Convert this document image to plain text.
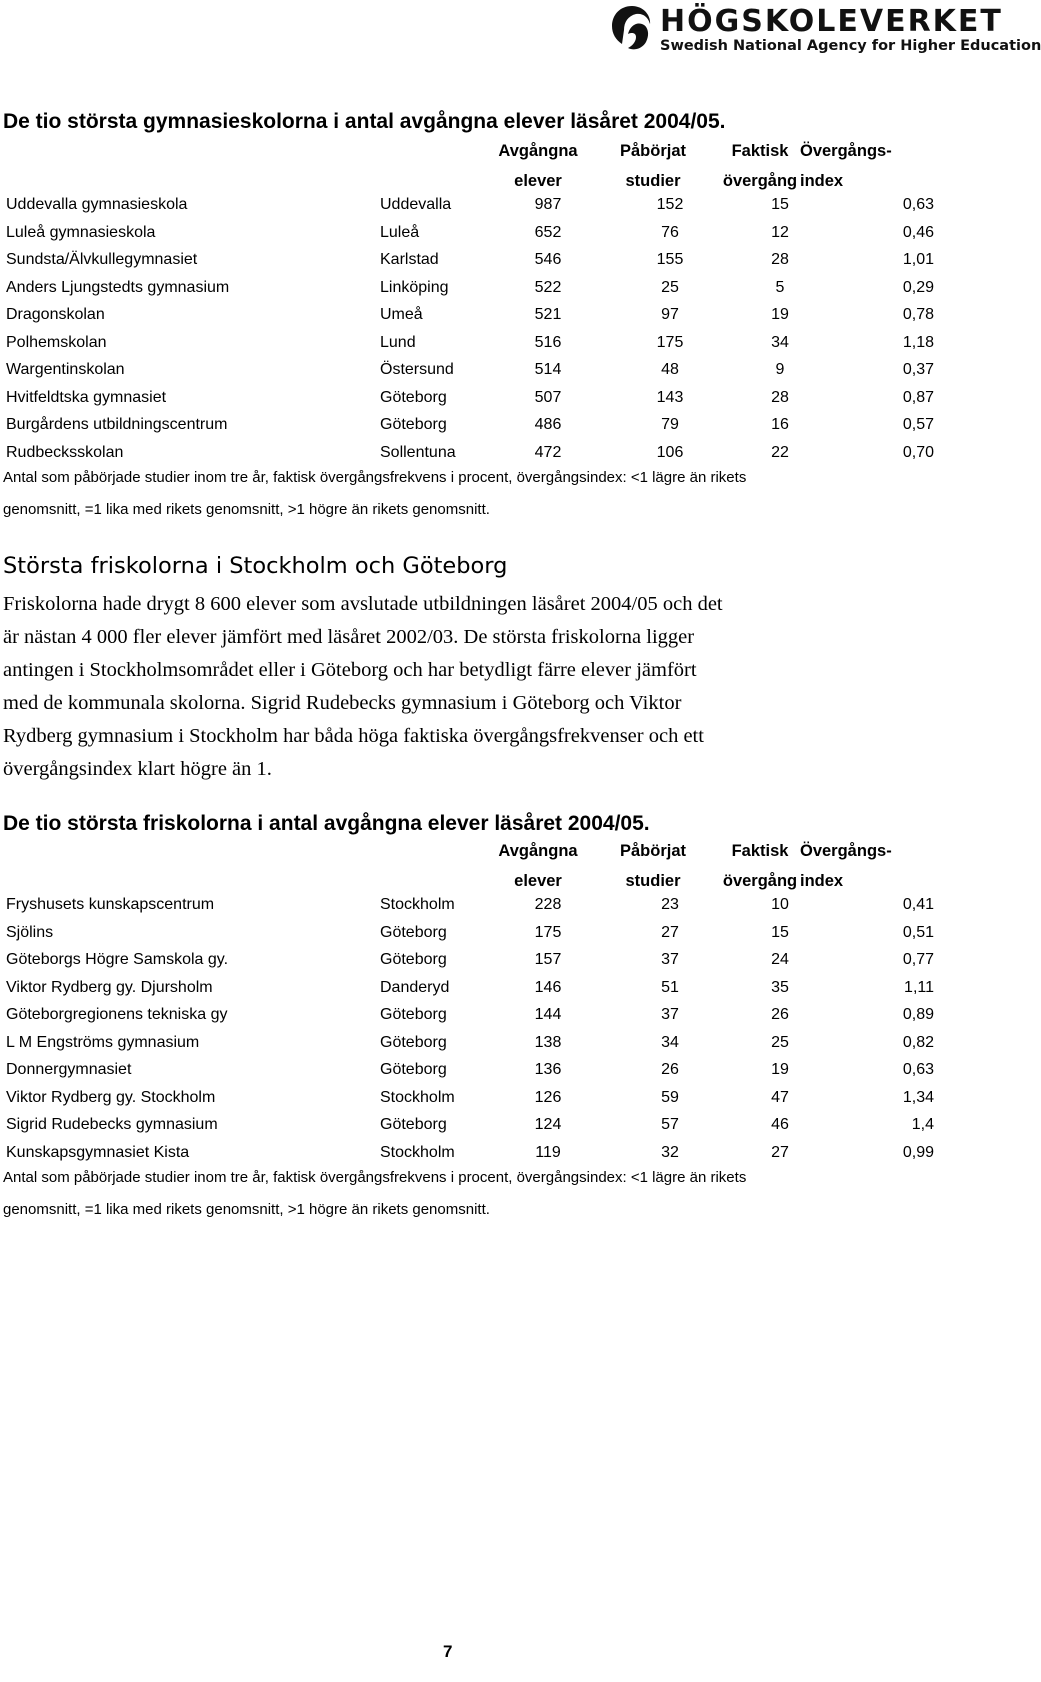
HÖGSKOLEVERKET
Swedish National Agency for Higher Education
De tio största gymnasieskolorna i antal avgångna elever läsåret 2004/05.
Avgångna	Påbörjat	Faktisk Övergångs-
elever	studier	övergång index
Uddevalla gymnasieskola	Uddevalla	987	152	15	0,63
Luleå gymnasieskola	Luleå	652	76	12	0,46
Sundsta/Älvkullegymnasiet	Karlstad	546	155	28	1,01
Anders Ljungstedts gymnasium	Linköping	522	25	5	0,29
Dragonskolan	Umeå	521	97	19	0,78
Polhemskolan	Lund	516	175	34	1,18
Wargentinskolan	Östersund	514	48	9	0,37
Hvitfeldtska gymnasiet	Göteborg	507	143	28	0,87
Burgårdens utbildningscentrum	Göteborg	486	79	16	0,57
Rudbecksskolan	Sollentuna	472	106	22	0,70
Antal som påbörjade studier inom tre år, faktisk övergångsfrekvens i procent, övergångsindex: <1 lägre än rikets
genomsnitt, =1 lika med rikets genomsnitt, >1 högre än rikets genomsnitt.
Största friskolorna i Stockholm och Göteborg
Friskolorna hade drygt 8 600 elever som avslutade utbildningen läsåret 2004/05 och det
är nästan 4 000 fler elever jämfört med läsåret 2002/03. De största friskolorna ligger
antingen i Stockholmsområdet eller i Göteborg och har betydligt färre elever jämfört
med de kommunala skolorna. Sigrid Rudebecks gymnasium i Göteborg och Viktor
Rydberg gymnasium i Stockholm har båda höga faktiska övergångsfrekvenser och ett
övergångsindex klart högre än 1.
De tio största friskolorna i antal avgångna elever läsåret 2004/05.
Avgångna	Påbörjat	Faktisk Övergångs-
elever	studier	övergång index
Fryshusets kunskapscentrum	Stockholm	228	23	10	0,41
Sjölins	Göteborg	175	27	15	0,51
Göteborgs Högre Samskola gy.	Göteborg	157	37	24	0,77
Viktor Rydberg gy. Djursholm	Danderyd	146	51	35	1,11
Göteborgregionens tekniska gy	Göteborg	144	37	26	0,89
L M Engströms gymnasium	Göteborg	138	34	25	0,82
Donnergymnasiet	Göteborg	136	26	19	0,63
Viktor Rydberg gy. Stockholm	Stockholm	126	59	47	1,34
Sigrid Rudebecks gymnasium	Göteborg	124	57	46	1,4
Kunskapsgymnasiet Kista	Stockholm	119	32	27	0,99
Antal som påbörjade studier inom tre år, faktisk övergångsfrekvens i procent, övergångsindex: <1 lägre än rikets
genomsnitt, =1 lika med rikets genomsnitt, >1 högre än rikets genomsnitt.
7
